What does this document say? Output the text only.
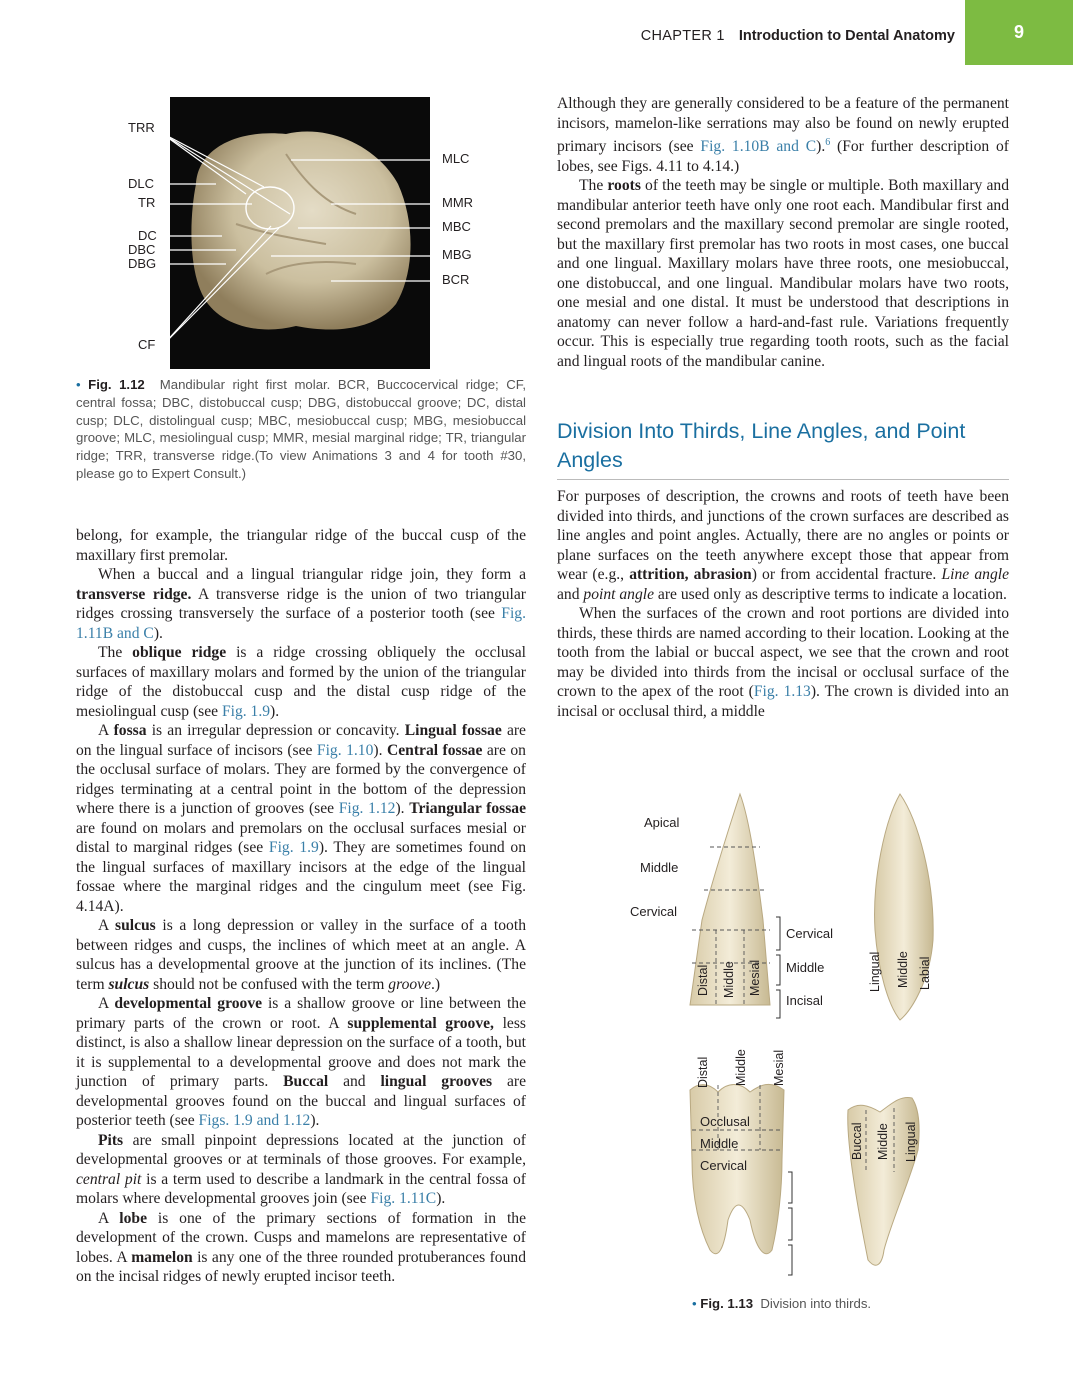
CHAPTER 1 Introduction to Dental Anatomy	9
TRR
DLC
TR
DC
DBC
DBG
CF
MLC
MMR
MBC
MBG
BCR
• Fig. 1.12 Mandibular right first molar. BCR, Buccocervical ridge; CF, central fossa; DBC, distobuccal cusp; DBG, distobuccal groove; DC, distal cusp; DLC, distolingual cusp; MBC, mesiobuccal cusp; MBG, mesiobuccal groove; MLC, mesiolingual cusp; MMR, mesial marginal ridge; TR, triangular ridge; TRR, transverse ridge.(To view Animations 3 and 4 for tooth #30, please go to Expert Consult.)

belong, for example, the triangular ridge of the buccal cusp of the maxillary first premolar.

When a buccal and a lingual triangular ridge join, they form a transverse ridge. A transverse ridge is the union of two triangular ridges crossing transversely the surface of a posterior tooth (see Fig. 1.11B and C).

The oblique ridge is a ridge crossing obliquely the occlusal surfaces of maxillary molars and formed by the union of the triangular ridge of the distobuccal cusp and the distal cusp ridge of the mesiolingual cusp (see Fig. 1.9).

A fossa is an irregular depression or concavity. Lingual fossae are on the lingual surface of incisors (see Fig. 1.10). Central fossae are on the occlusal surface of molars. They are formed by the convergence of ridges terminating at a central point in the bottom of the depression where there is a junction of grooves (see Fig. 1.12). Triangular fossae are found on molars and premolars on the occlusal surfaces mesial or distal to marginal ridges (see Fig. 1.9). They are sometimes found on the lingual surfaces of maxillary incisors at the edge of the lingual fossae where the marginal ridges and the cingulum meet (see Fig. 4.14A).

A sulcus is a long depression or valley in the surface of a tooth between ridges and cusps, the inclines of which meet at an angle. A sulcus has a developmental groove at the junction of its inclines. (The term sulcus should not be confused with the term groove.)

A developmental groove is a shallow groove or line between the primary parts of the crown or root. A supplemental groove, less distinct, is also a shallow linear depression on the surface of a tooth, but it is supplemental to a developmental groove and does not mark the junction of primary parts. Buccal and lingual grooves are developmental grooves found on the buccal and lingual surfaces of posterior teeth (see Figs. 1.9 and 1.12).

Pits are small pinpoint depressions located at the junction of developmental grooves or at terminals of those grooves. For example, central pit is a term used to describe a landmark in the central fossa of molars where developmental grooves join (see Fig. 1.11C).

A lobe is one of the primary sections of formation in the development of the crown. Cusps and mamelons are representative of lobes. A mamelon is any one of the three rounded protuberances found on the incisal ridges of newly erupted incisor teeth.

Although they are generally considered to be a feature of the permanent incisors, mamelon-like serrations may also be found on newly erupted primary incisors (see Fig. 1.10B and C).$^6$ (For further description of lobes, see Figs. 4.11 to 4.14.)

The roots of the teeth may be single or multiple. Both maxillary and mandibular anterior teeth have only one root each. Mandibular first and second premolars and the maxillary second premolar are single rooted, but the maxillary first premolar has two roots in most cases, one buccal and one lingual. Maxillary molars have three roots, one mesiobuccal, one distobuccal, and one lingual. Mandibular molars have two roots, one mesial and one distal. It must be understood that descriptions in anatomy can never follow a hard-and-fast rule. Variations frequently occur. This is especially true regarding tooth roots, such as the facial and lingual roots of the mandibular canine.

Division Into Thirds, Line Angles, and Point Angles

For purposes of description, the crowns and roots of teeth have been divided into thirds, and junctions of the crown surfaces are described as line angles and point angles. Actually, there are no angles or points or plane surfaces on the teeth anywhere except those that appear from wear (e.g., attrition, abrasion) or from accidental fracture. Line angle and point angle are used only as descriptive terms to indicate a location.

When the surfaces of the crown and root portions are divided into thirds, these thirds are named according to their location. Looking at the tooth from the labial or buccal aspect, we see that the crown and root may be divided into thirds from the incisal or occlusal surface of the crown to the apex of the root (Fig. 1.13). The crown is divided into an incisal or occlusal third, a middle

Apical
Middle
Cervical
Cervical
Middle
Incisal
Distal Middle Mesial	Lingual Middle Labial
Distal Middle Mesial
Occlusal
Middle
Cervical
Buccal Middle Lingual
• Fig. 1.13 Division into thirds.
